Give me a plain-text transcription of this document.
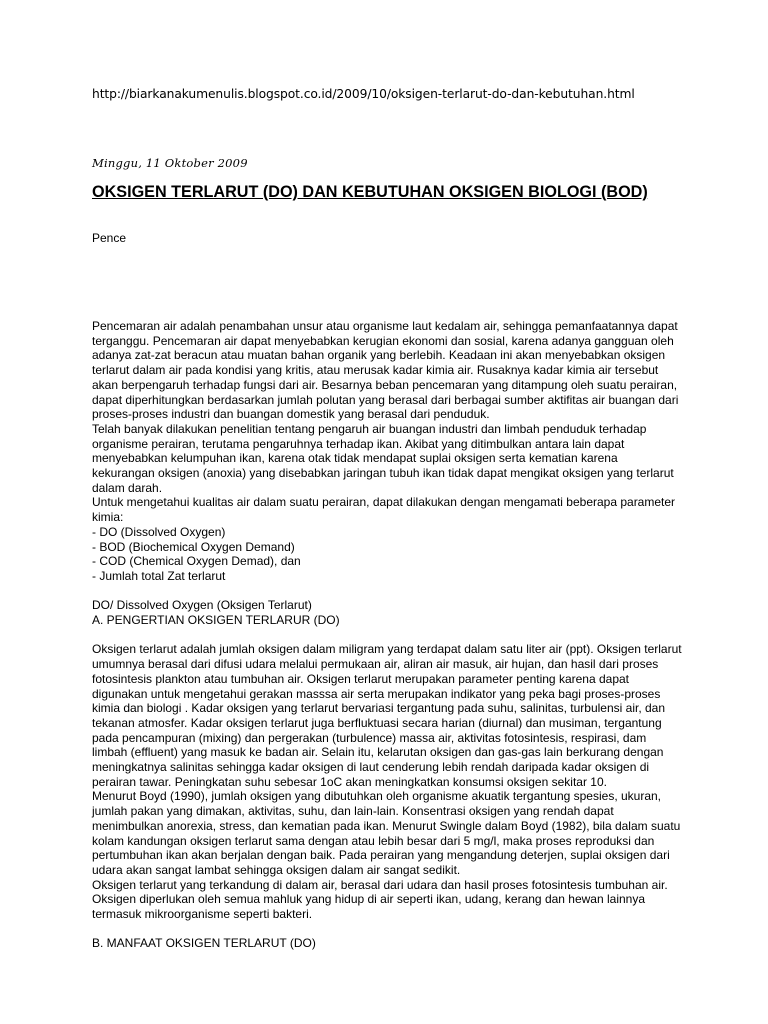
http://biarkanakumenulis.blogspot.co.id/2009/10/oksigen-terlarut-do-dan-kebutuhan.html
Minggu, 11 Oktober 2009
OKSIGEN TERLARUT (DO) DAN KEBUTUHAN OKSIGEN BIOLOGI (BOD)
Pence
Pencemaran air adalah penambahan unsur atau organisme laut kedalam air, sehingga pemanfaatannya dapat terganggu. Pencemaran air dapat menyebabkan kerugian ekonomi dan sosial, karena adanya gangguan oleh adanya zat-zat beracun atau muatan bahan organik yang berlebih. Keadaan ini akan menyebabkan oksigen terlarut dalam air pada kondisi yang kritis, atau merusak kadar kimia air. Rusaknya kadar kimia air tersebut akan berpengaruh terhadap fungsi dari air. Besarnya beban pencemaran yang ditampung oleh suatu perairan, dapat diperhitungkan berdasarkan jumlah polutan yang berasal dari berbagai sumber aktifitas air buangan dari proses-proses industri dan buangan domestik yang berasal dari penduduk.
Telah banyak dilakukan penelitian tentang pengaruh air buangan industri dan limbah penduduk terhadap organisme perairan, terutama pengaruhnya terhadap ikan. Akibat yang ditimbulkan antara lain dapat menyebabkan kelumpuhan ikan, karena otak tidak mendapat suplai oksigen serta kematian karena kekurangan oksigen (anoxia) yang disebabkan jaringan tubuh ikan tidak dapat mengikat oksigen yang terlarut dalam darah.
Untuk mengetahui kualitas air dalam suatu perairan, dapat dilakukan dengan mengamati beberapa parameter kimia:
- DO (Dissolved Oxygen)
- BOD (Biochemical Oxygen Demand)
- COD (Chemical Oxygen Demad), dan
- Jumlah total Zat terlarut
DO/ Dissolved Oxygen (Oksigen Terlarut)
A. PENGERTIAN OKSIGEN TERLARUR (DO)
Oksigen terlarut adalah jumlah oksigen dalam miligram yang terdapat dalam satu liter air (ppt). Oksigen terlarut umumnya berasal dari difusi udara melalui permukaan air, aliran air masuk, air hujan, dan hasil dari proses fotosintesis plankton atau tumbuhan air. Oksigen terlarut merupakan parameter penting karena dapat digunakan untuk mengetahui gerakan masssa air serta merupakan indikator yang peka bagi proses-proses kimia dan biologi . Kadar oksigen yang terlarut bervariasi tergantung pada suhu, salinitas, turbulensi air, dan tekanan atmosfer. Kadar oksigen terlarut juga berfluktuasi secara harian (diurnal) dan musiman, tergantung pada pencampuran (mixing) dan pergerakan (turbulence) massa air, aktivitas fotosintesis, respirasi, dam limbah (effluent) yang masuk ke badan air. Selain itu, kelarutan oksigen dan gas-gas lain berkurang dengan meningkatnya salinitas sehingga kadar oksigen di laut cenderung lebih rendah daripada kadar oksigen di perairan tawar. Peningkatan suhu sebesar 1oC akan meningkatkan konsumsi oksigen sekitar 10.
Menurut Boyd (1990), jumlah oksigen yang dibutuhkan oleh organisme akuatik tergantung spesies, ukuran, jumlah pakan yang dimakan, aktivitas, suhu, dan lain-lain. Konsentrasi oksigen yang rendah dapat menimbulkan anorexia, stress, dan kematian pada ikan. Menurut Swingle dalam Boyd (1982), bila dalam suatu kolam kandungan oksigen terlarut sama dengan atau lebih besar dari 5 mg/l, maka proses reproduksi dan pertumbuhan ikan akan berjalan dengan baik. Pada perairan yang mengandung deterjen, suplai oksigen dari udara akan sangat lambat sehingga oksigen dalam air sangat sedikit.
Oksigen terlarut yang terkandung di dalam air, berasal dari udara dan hasil proses fotosintesis tumbuhan air. Oksigen diperlukan oleh semua mahluk yang hidup di air seperti ikan, udang, kerang dan hewan lainnya termasuk mikroorganisme seperti bakteri.
B. MANFAAT OKSIGEN TERLARUT (DO)
